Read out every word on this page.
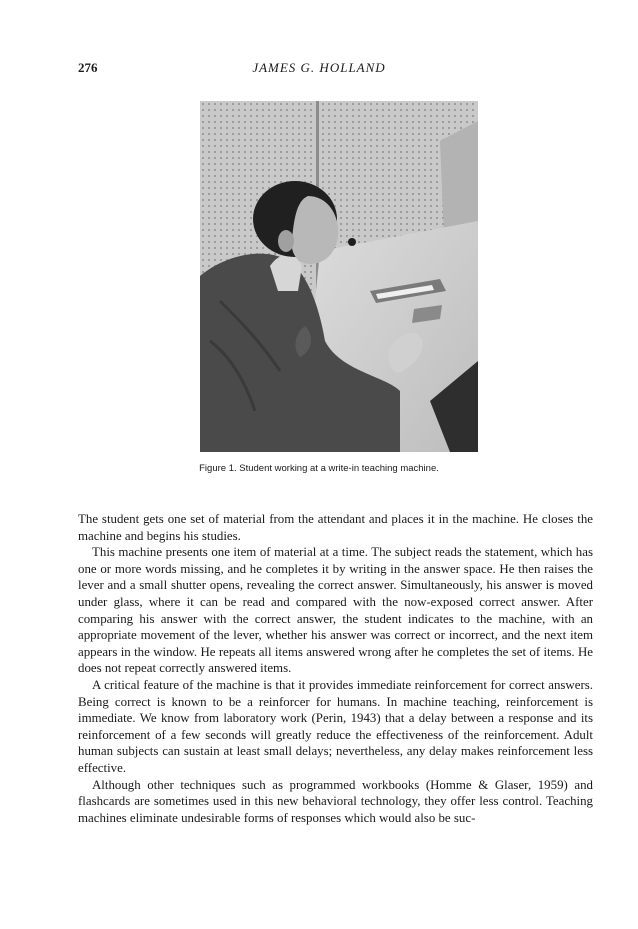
276	JAMES G. HOLLAND
Figure 1. Student working at a write-in teaching machine.

The student gets one set of material from the attendant and places it in the machine. He closes the machine and begins his studies.

This machine presents one item of material at a time. The subject reads the statement, which has one or more words missing, and he completes it by writing in the answer space. He then raises the lever and a small shutter opens, revealing the correct answer. Simultaneously, his answer is moved under glass, where it can be read and compared with the now-exposed correct answer. After comparing his answer with the correct answer, the student indicates to the machine, with an appropriate movement of the lever, whether his answer was correct or incorrect, and the next item appears in the window. He repeats all items answered wrong after he completes the set of items. He does not repeat correctly answered items.

A critical feature of the machine is that it provides immediate reinforcement for correct answers. Being correct is known to be a reinforcer for humans. In machine teaching, reinforcement is immediate. We know from laboratory work (Perin, 1943) that a delay between a response and its reinforcement of a few seconds will greatly reduce the effectiveness of the reinforcement. Adult human subjects can sustain at least small delays; nevertheless, any delay makes reinforcement less effective.

Although other techniques such as programmed workbooks (Homme & Glaser, 1959) and flashcards are sometimes used in this new behavioral technology, they offer less control. Teaching machines eliminate undesirable forms of responses which would also be suc-
